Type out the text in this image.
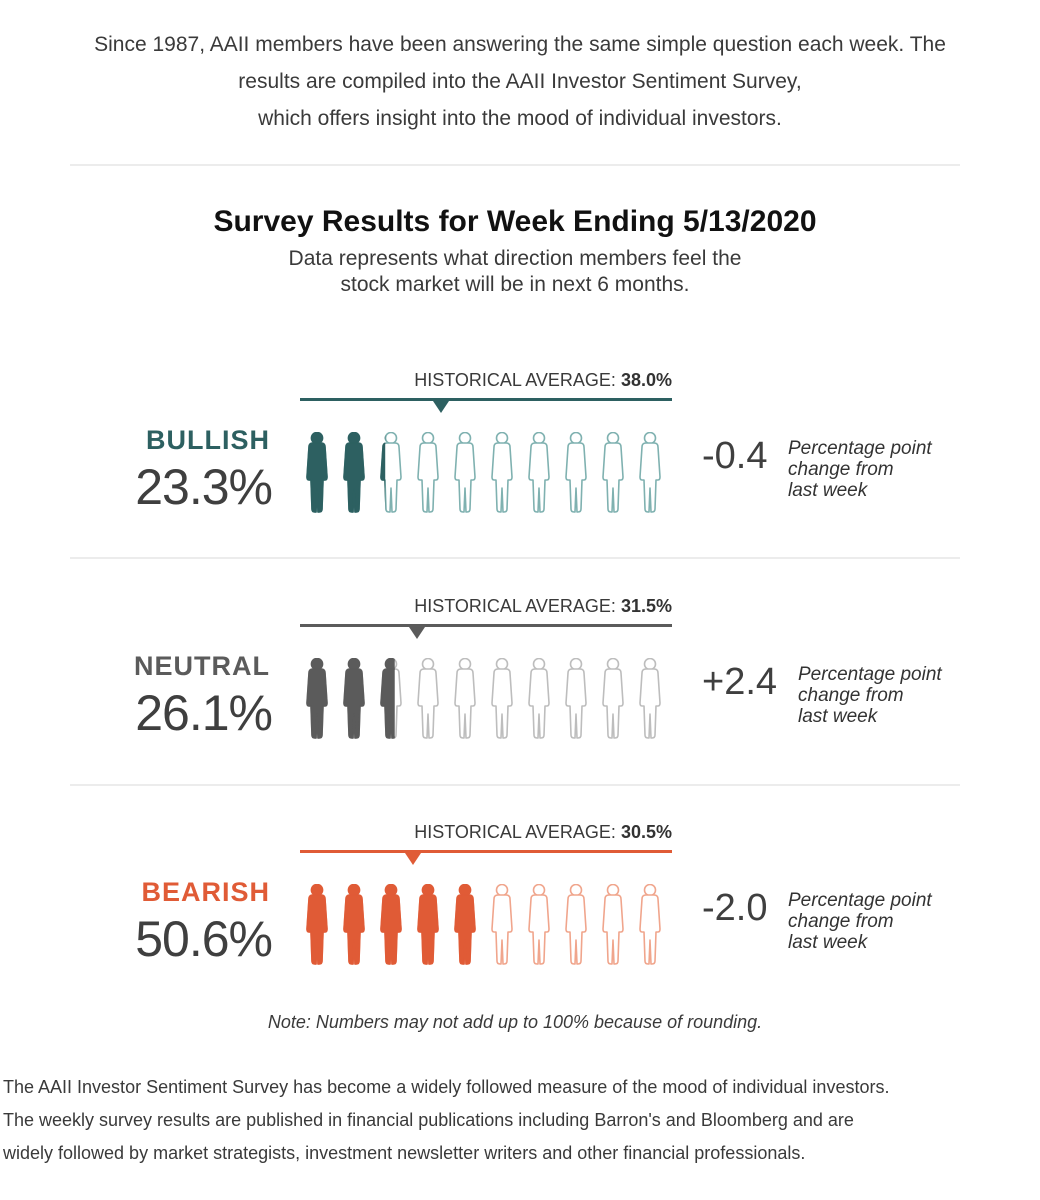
Since 1987, AAII members have been answering the same simple question each week. The

results are compiled into the AAII Investor Sentiment Survey,

which offers insight into the mood of individual investors.

Survey Results for Week Ending 5/13/2020

Data represents what direction members feel the

stock market will be in next 6 months.

HISTORICAL AVERAGE: 38.0%
BULLISH
23.3%
-0.4 Percentage point

change from

last week

HISTORICAL AVERAGE: 31.5%
NEUTRAL
26.1%
+2.4 Percentage point

change from

last week

HISTORICAL AVERAGE: 30.5%
BEARISH
50.6%
-2.0 Percentage point

change from

last week

Note: Numbers may not add up to 100% because of rounding.

The AAII Investor Sentiment Survey has become a widely followed measure of the mood of individual investors.

The weekly survey results are published in financial publications including Barron's and Bloomberg and are

widely followed by market strategists, investment newsletter writers and other financial professionals.
